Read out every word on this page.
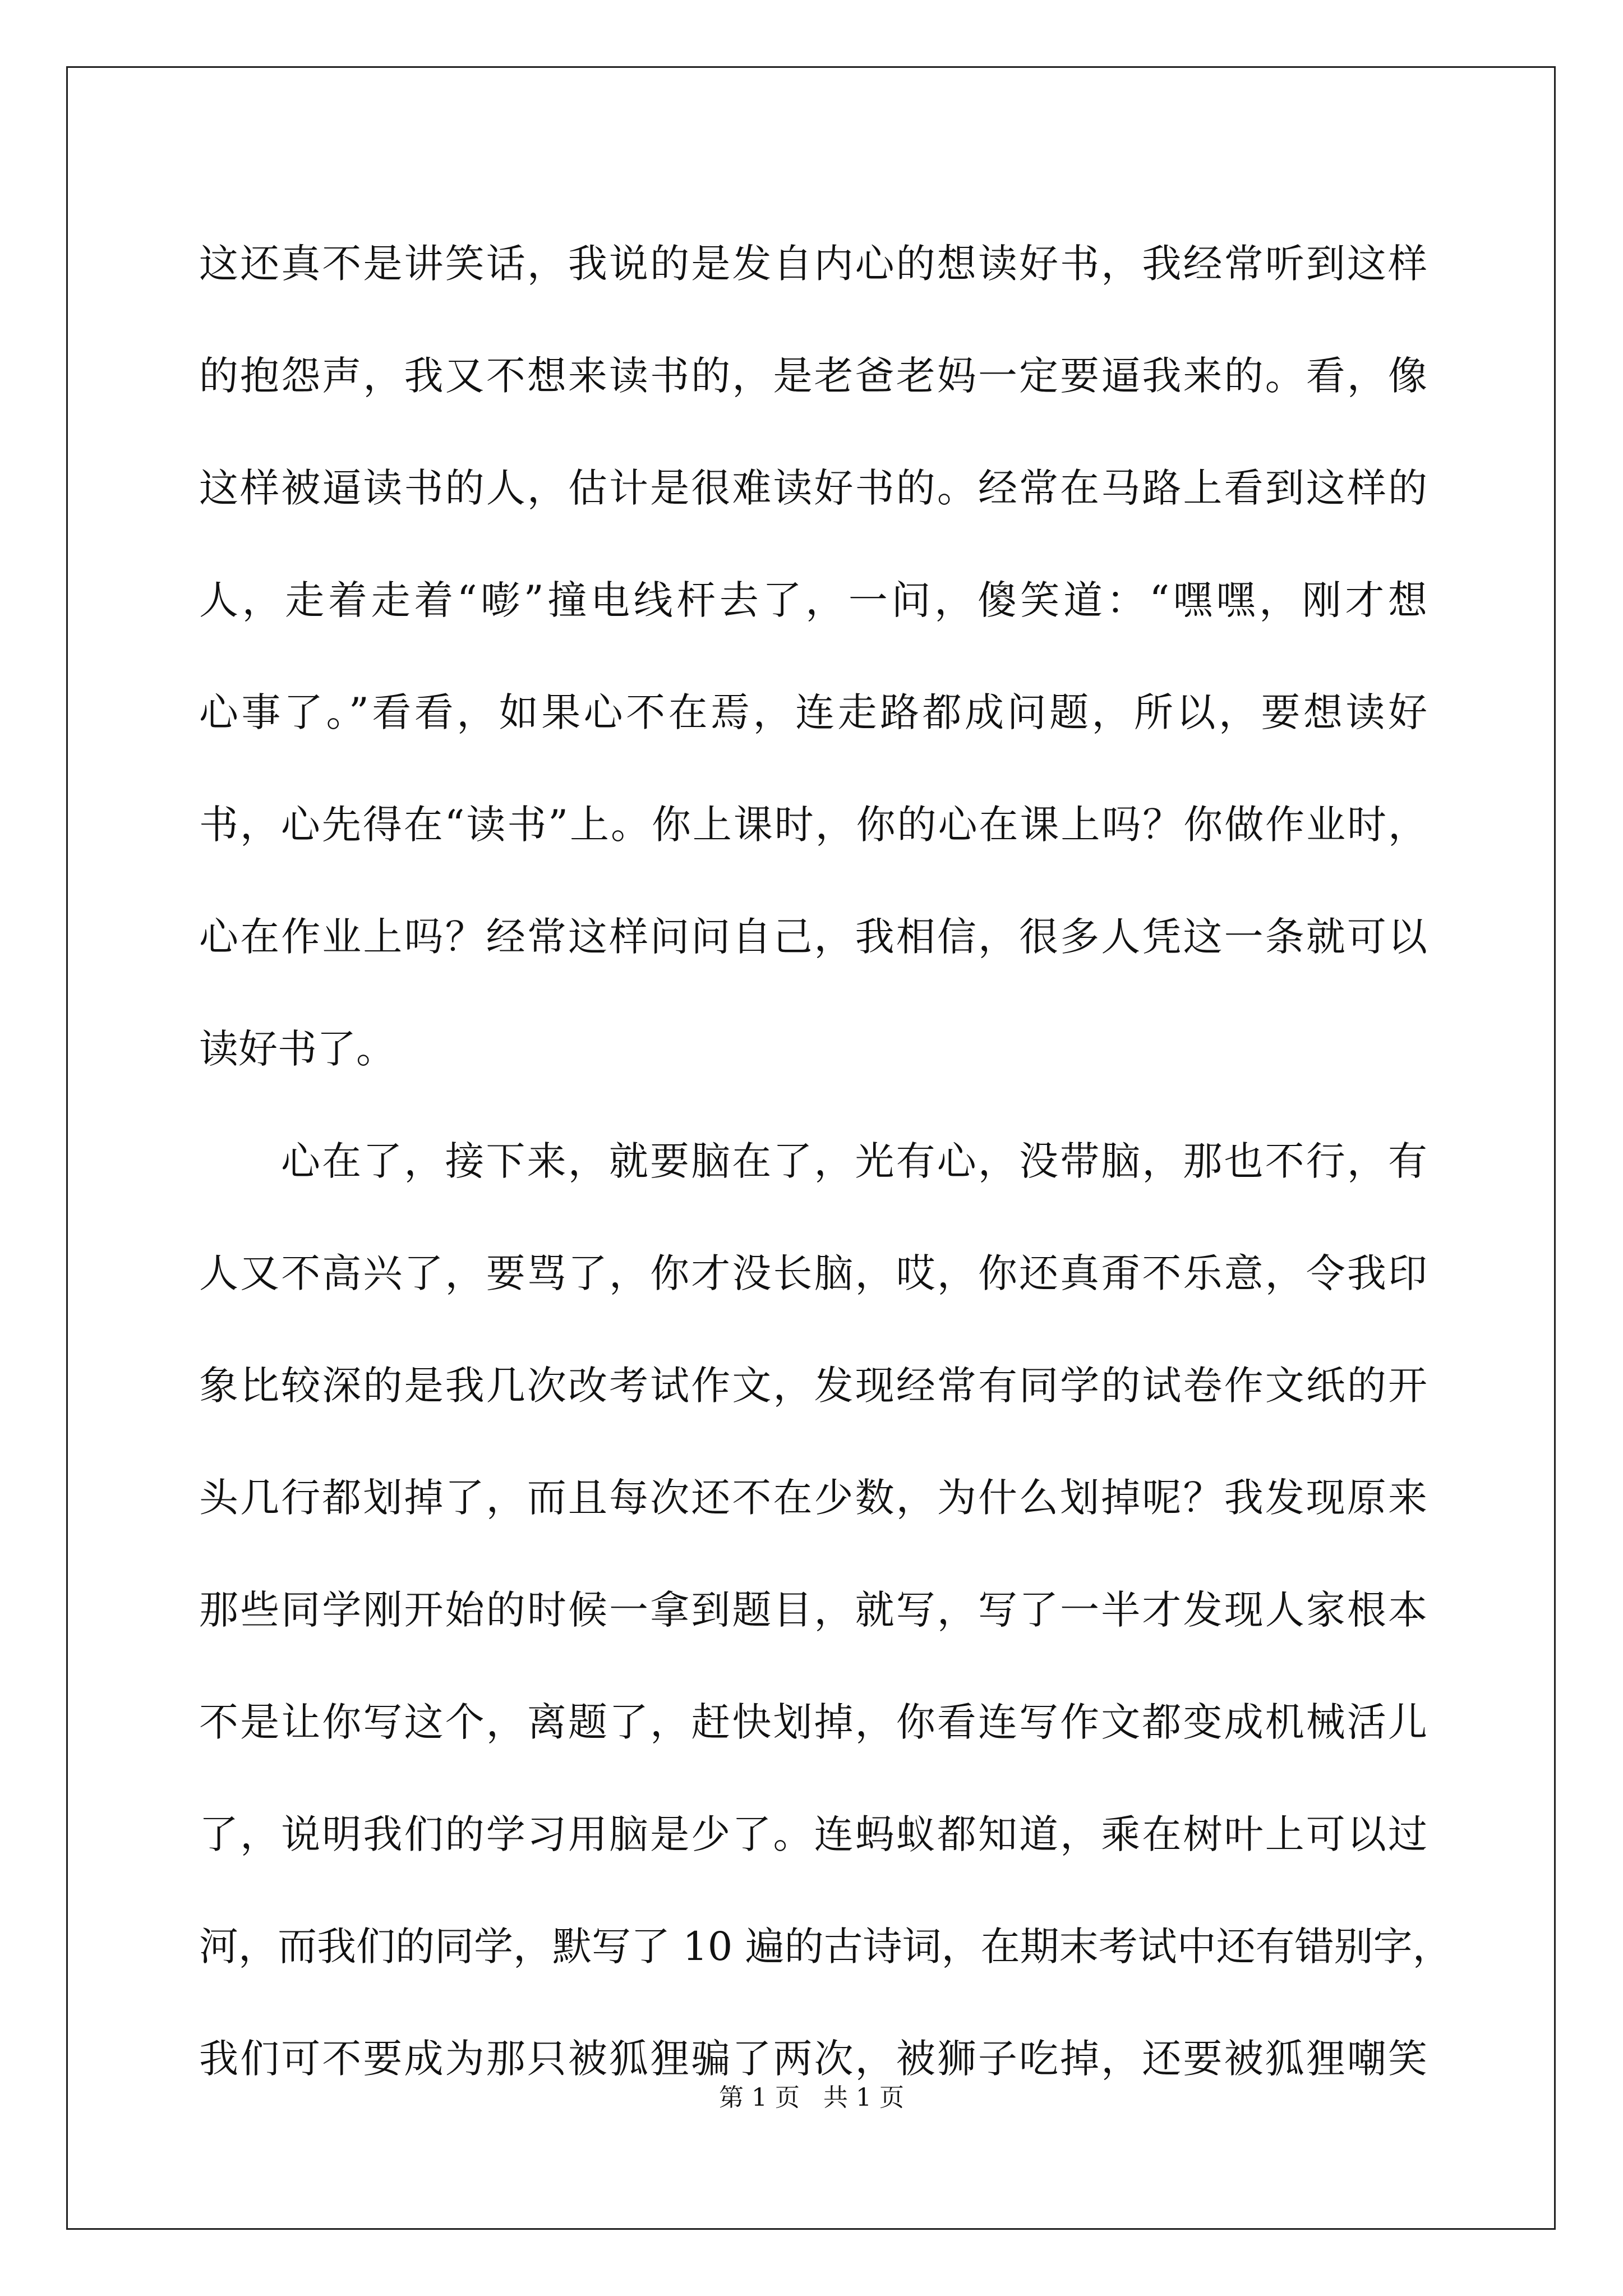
这还真不是讲笑话，我说的是发自内心的想读好书，我经常听到这样
的抱怨声，我又不想来读书的，是老爸老妈一定要逼我来的。看，像
这样被逼读书的人，估计是很难读好书的。经常在马路上看到这样的
人，走着走着“嘭”撞电线杆去了，一问，傻笑道：“嘿嘿，刚才想
心事了。”看看，如果心不在焉，连走路都成问题，所以，要想读好
书，心先得在“读书”上。你上课时，你的心在课上吗？你做作业时，
心在作业上吗？经常这样问问自己，我相信，很多人凭这一条就可以
读好书了。
心在了，接下来，就要脑在了，光有心，没带脑，那也不行，有
人又不高兴了，要骂了，你才没长脑，哎，你还真甭不乐意，令我印
象比较深的是我几次改考试作文，发现经常有同学的试卷作文纸的开
头几行都划掉了，而且每次还不在少数，为什么划掉呢？我发现原来
那些同学刚开始的时候一拿到题目，就写，写了一半才发现人家根本
不是让你写这个，离题了，赶快划掉，你看连写作文都变成机械活儿
了，说明我们的学习用脑是少了。连蚂蚁都知道，乘在树叶上可以过
河，而我们的同学，默写了 10 遍的古诗词，在期末考试中还有错别字，
我们可不要成为那只被狐狸骗了两次，被狮子吃掉，还要被狐狸嘲笑
第 1 页   共 1 页
